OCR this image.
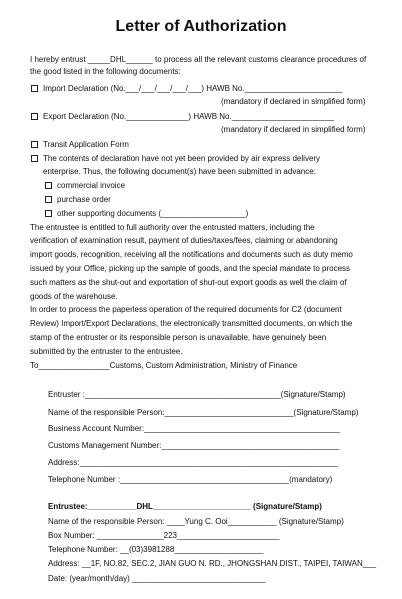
Letter of Authorization
I hereby entrust _____DHL______ to process all the relevant customs clearance procedures of
the good listed in the following documents:
Import Declaration (No.___/___/___/___/___) HAWB No.______________________
(mandatory if declared in simplified form)
Export Declaration (No.______________) HAWB No._______________________
(mandatory if declared in simplified form)
Transit Application Form
The contents of declaration have not yet been provided by air express delivery
enterprise. Thus, the following document(s) have been submitted in advance:
commercial invoice
purchase order
other supporting documents (___________________)
The entrustee is entitled to full authority over the entrusted matters, including the
verification of examination result, payment of duties/taxes/fees, claiming or abandoning
import goods, recognition, receiving all the notifications and documents such as duty memo
issued by your Office, picking up the sample of goods, and the special mandate to process
such matters as the shut-out and exportation of shut-out export goods as well the claim of
goods of the warehouse.
In order to process the paperless operation of the required documents for C2 (document
Review) Import/Export Declarations, the electronically transmitted documents, on which the
stamp of the entruster or its responsible person is unavailable, have genuinely been
submitted by the entruster to the entrustee.
To________________Customs, Custom Administration, Ministry of Finance
Entruster :____________________________________________(Signature/Stamp)
Name of the responsible Person:_____________________________(Signature/Stamp)
Business Account Number:____________________________________________
Customs Management Number:________________________________________
Address:__________________________________________________________
Telephone Number :______________________________________(mandatory)
Entrustee:___________DHL______________________ (Signature/Stamp)
Name of the responsible Person: ____Yung C. Ooi___________ (Signature/Stamp)
Box Number: _______________223_______________________
Telephone Number: __(03)3981288____________________
Address: __1F, NO.82, SEC.2, JIAN GUO N. RD., JHONGSHAN DIST., TAIPEI, TAIWAN___
Date: (year/month/day) ______________________________
